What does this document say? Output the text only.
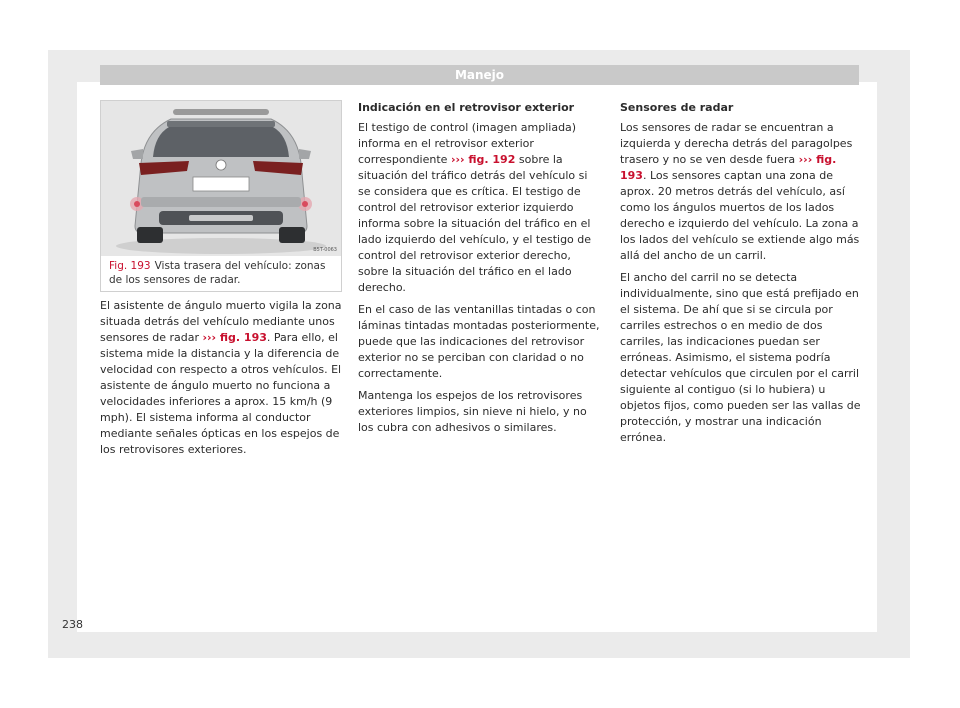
Manejo
B5T-0063
Fig. 193 Vista trasera del vehículo: zonas de los sensores de radar.

El asistente de ángulo muerto vigila la zona situada detrás del vehículo mediante unos sensores de radar ››› fig. 193. Para ello, el sistema mide la distancia y la diferencia de velocidad con respecto a otros vehículos. El asistente de ángulo muerto no funciona a velocidades inferiores a aprox. 15 km/h (9 mph). El sistema informa al conductor mediante señales ópticas en los espejos de los retrovisores exteriores.

Indicación en el retrovisor exterior

El testigo de control (imagen ampliada) informa en el retrovisor exterior correspondiente ››› fig. 192 sobre la situación del tráfico detrás del vehículo si se considera que es crítica. El testigo de control del retrovisor exterior izquierdo informa sobre la situación del tráfico en el lado izquierdo del vehículo, y el testigo de control del retrovisor exterior derecho, sobre la situación del tráfico en el lado derecho.

En el caso de las ventanillas tintadas o con láminas tintadas montadas posteriormente, puede que las indicaciones del retrovisor exterior no se perciban con claridad o no correctamente.

Mantenga los espejos de los retrovisores exteriores limpios, sin nieve ni hielo, y no los cubra con adhesivos o similares.

Sensores de radar

Los sensores de radar se encuentran a izquierda y derecha detrás del paragolpes trasero y no se ven desde fuera ››› fig. 193. Los sensores captan una zona de aprox. 20 metros detrás del vehículo, así como los ángulos muertos de los lados derecho e izquierdo del vehículo. La zona a los lados del vehículo se extiende algo más allá del ancho de un carril.

El ancho del carril no se detecta individualmente, sino que está prefijado en el sistema. De ahí que si se circula por carriles estrechos o en medio de dos carriles, las indicaciones puedan ser erróneas. Asimismo, el sistema podría detectar vehículos que circulen por el carril siguiente al contiguo (si lo hubiera) u objetos fijos, como pueden ser las vallas de protección, y mostrar una indicación errónea.

238
